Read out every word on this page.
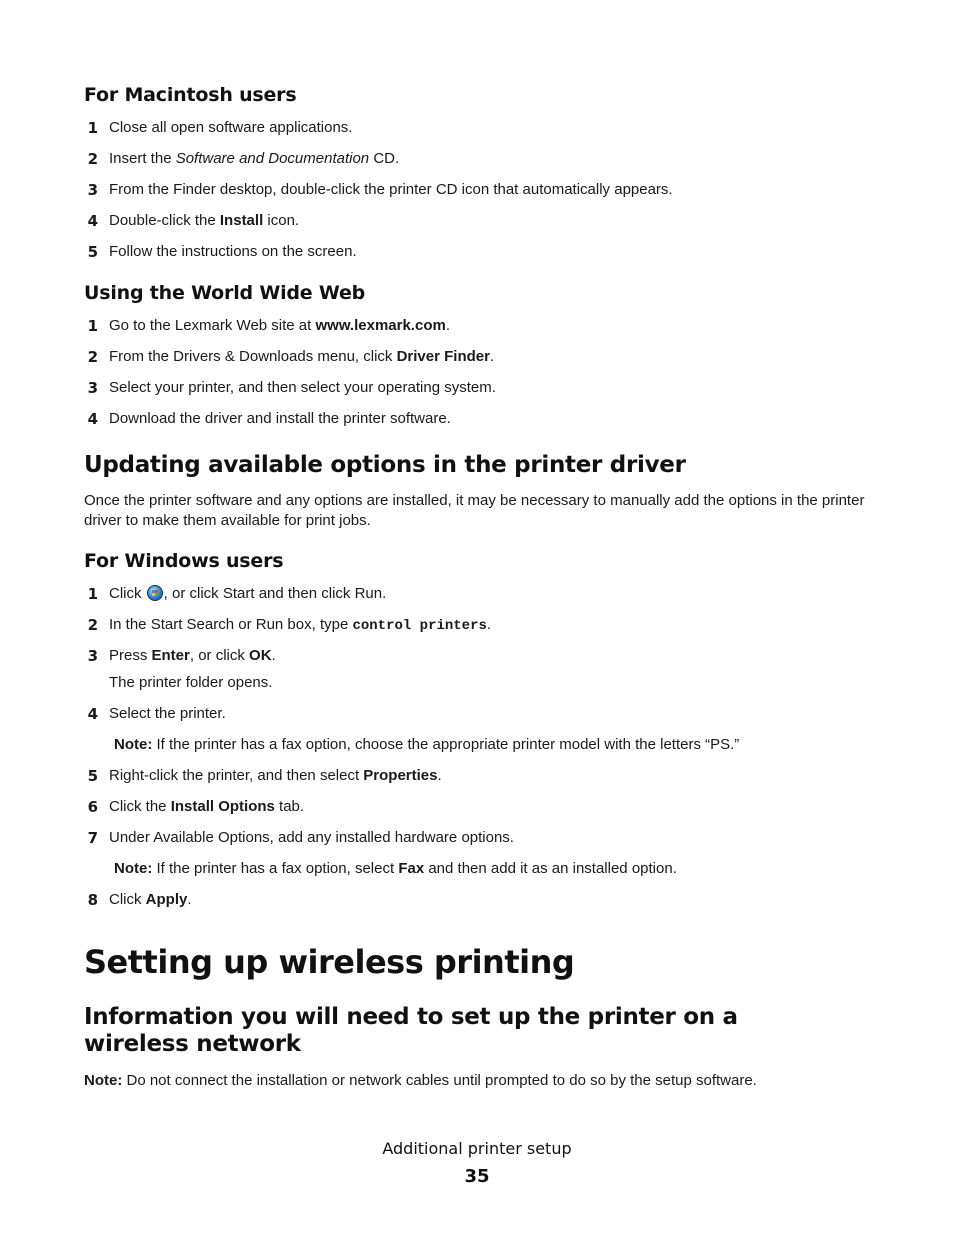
For Macintosh users
1 Close all open software applications.
2 Insert the Software and Documentation CD.
3 From the Finder desktop, double-click the printer CD icon that automatically appears.
4 Double-click the Install icon.
5 Follow the instructions on the screen.
Using the World Wide Web
1 Go to the Lexmark Web site at www.lexmark.com.
2 From the Drivers & Downloads menu, click Driver Finder.
3 Select your printer, and then select your operating system.
4 Download the driver and install the printer software.
Updating available options in the printer driver
Once the printer software and any options are installed, it may be necessary to manually add the options in the printer driver to make them available for print jobs.
For Windows users
1 Click , or click Start and then click Run.
2 In the Start Search or Run box, type control printers.
3 Press Enter, or click OK.
The printer folder opens.
4 Select the printer.
Note: If the printer has a fax option, choose the appropriate printer model with the letters “PS.”
5 Right-click the printer, and then select Properties.
6 Click the Install Options tab.
7 Under Available Options, add any installed hardware options.
Note: If the printer has a fax option, select Fax and then add it as an installed option.
8 Click Apply.
Setting up wireless printing
Information you will need to set up the printer on a wireless network
Note: Do not connect the installation or network cables until prompted to do so by the setup software.
Additional printer setup
35
